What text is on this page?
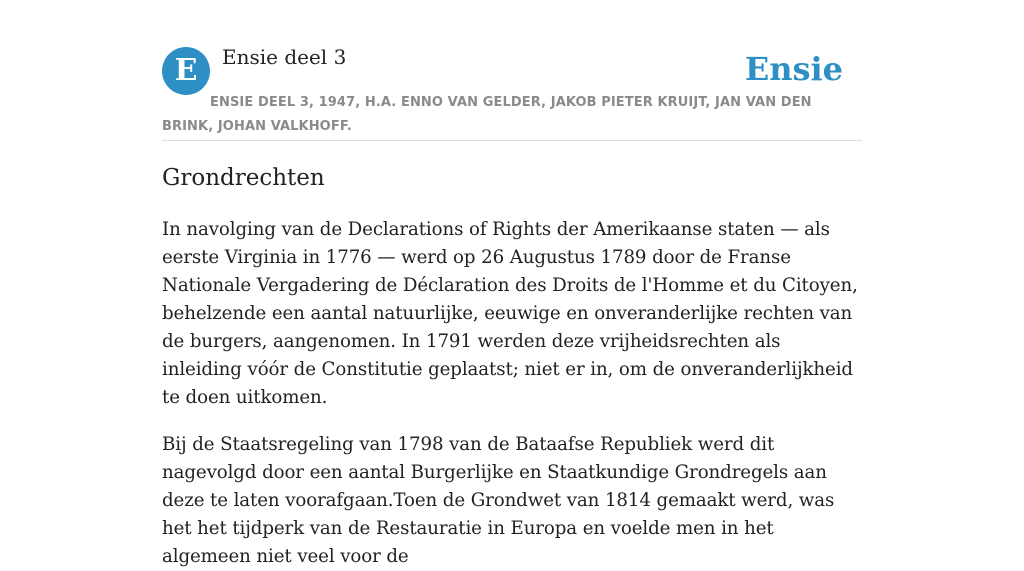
E	Ensie deel 3	Ensie
ENSIE DEEL 3, 1947, H.A. ENNO VAN GELDER, JAKOB PIETER KRUIJT, JAN VAN DEN BRINK, JOHAN VALKHOFF.
Grondrechten

In navolging van de Declarations of Rights der Amerikaanse staten — als eerste Virginia in 1776 — werd op 26 Augustus 1789 door de Franse Nationale Vergadering de Déclaration des Droits de l'Homme et du Citoyen, behelzende een aantal natuurlijke, eeuwige en onveranderlijke rechten van de burgers, aangenomen. In 1791 werden deze vrijheidsrechten als inleiding vóór de Constitutie geplaatst; niet er in, om de onveranderlijkheid te doen uitkomen.

Bij de Staatsregeling van 1798 van de Bataafse Republiek werd dit nagevolgd door een aantal Burgerlijke en Staatkundige Grondregels aan deze te laten voorafgaan.Toen de Grondwet van 1814 gemaakt werd, was het het tijdperk van de Restauratie in Europa en voelde men in het algemeen niet veel voor de
